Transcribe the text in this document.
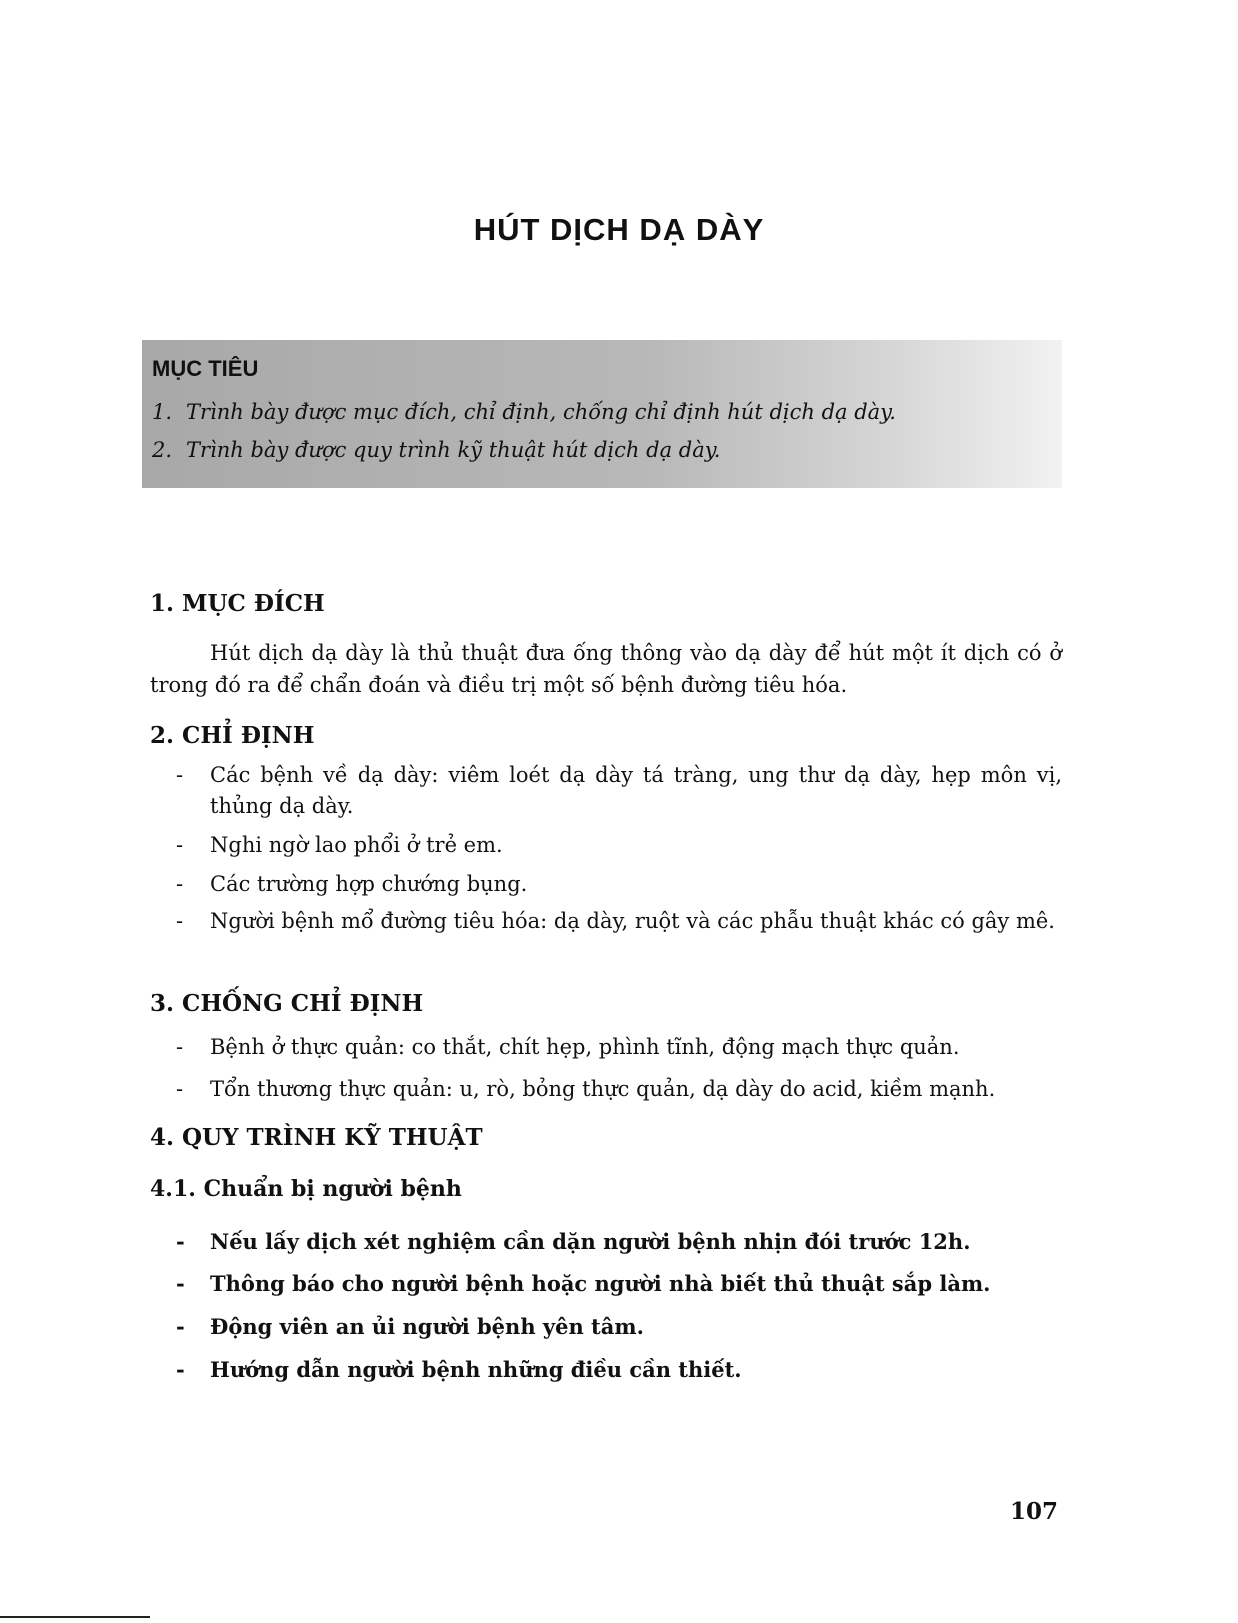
HÚT DỊCH DẠ DÀY
MỤC TIÊU
1. Trình bày được mục đích, chỉ định, chống chỉ định hút dịch dạ dày.
2. Trình bày được quy trình kỹ thuật hút dịch dạ dày.
1. MỤC ĐÍCH

Hút dịch dạ dày là thủ thuật đưa ống thông vào dạ dày để hút một ít dịch có ở trong đó ra để chẩn đoán và điều trị một số bệnh đường tiêu hóa.

2. CHỈ ĐỊNH
- Các bệnh về dạ dày: viêm loét dạ dày tá tràng, ung thư dạ dày, hẹp môn vị, thủng dạ dày.
- Nghi ngờ lao phổi ở trẻ em.
- Các trường hợp chướng bụng.
- Người bệnh mổ đường tiêu hóa: dạ dày, ruột và các phẫu thuật khác có gây mê.
3. CHỐNG CHỈ ĐỊNH
- Bệnh ở thực quản: co thắt, chít hẹp, phình tĩnh, động mạch thực quản.
- Tổn thương thực quản: u, rò, bỏng thực quản, dạ dày do acid, kiềm mạnh.
4. QUY TRÌNH KỸ THUẬT
4.1. Chuẩn bị người bệnh
- Nếu lấy dịch xét nghiệm cần dặn người bệnh nhịn đói trước 12h.
- Thông báo cho người bệnh hoặc người nhà biết thủ thuật sắp làm.
- Động viên an ủi người bệnh yên tâm.
- Hướng dẫn người bệnh những điều cần thiết.
107
